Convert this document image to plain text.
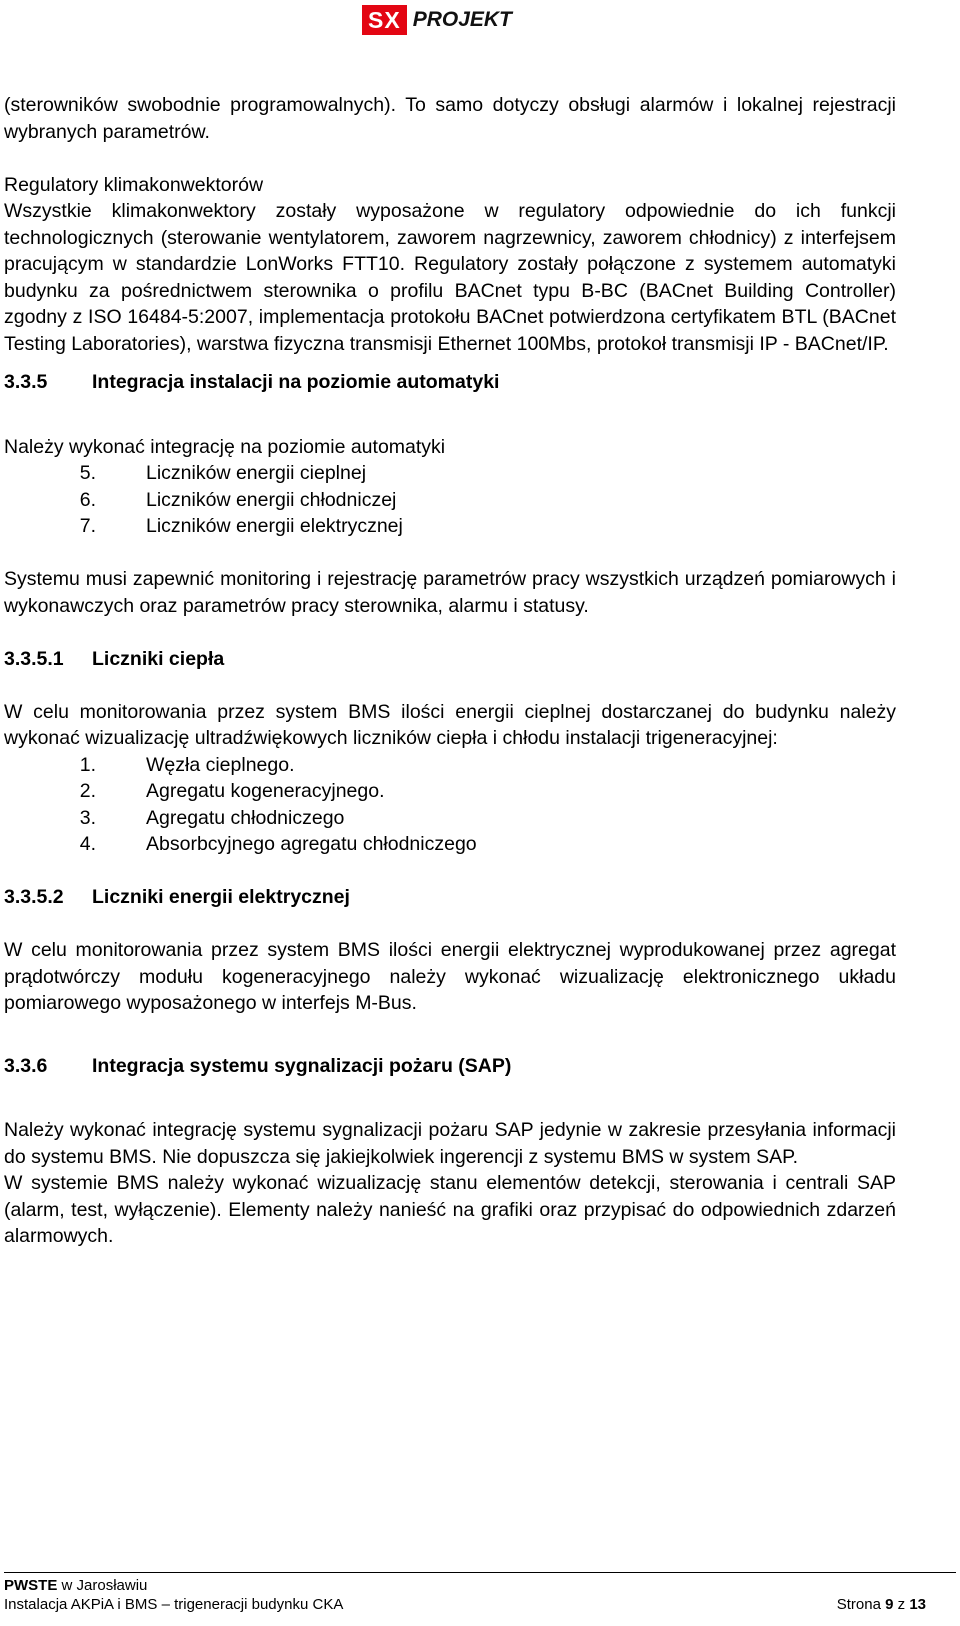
SX PROJEKT

(sterowników swobodnie programowalnych). To samo dotyczy obsługi alarmów i lokalnej rejestracji wybranych parametrów.

Regulatory klimakonwektorów

Wszystkie klimakonwektory zostały wyposażone w regulatory odpowiednie do ich funkcji technologicznych (sterowanie wentylatorem, zaworem nagrzewnicy, zaworem chłodnicy) z interfejsem pracującym w standardzie LonWorks FTT10. Regulatory zostały połączone z systemem automatyki budynku za pośrednictwem sterownika o profilu BACnet typu B-BC (BACnet Building Controller) zgodny z ISO 16484-5:2007, implementacja protokołu BACnet potwierdzona certyfikatem BTL (BACnet Testing Laboratories), warstwa fizyczna transmisji Ethernet 100Mbs, protokoł transmisji IP - BACnet/IP.

3.3.5	Integracja instalacji na poziomie automatyki

Należy wykonać integrację na poziomie automatyki

5.	Liczników energii cieplnej
6.	Liczników energii chłodniczej
7.	Liczników energii elektrycznej

Systemu musi zapewnić monitoring i rejestrację parametrów pracy wszystkich urządzeń pomiarowych i wykonawczych oraz parametrów pracy sterownika, alarmu i statusy.

3.3.5.1	Liczniki ciepła

W celu monitorowania przez system BMS ilości energii cieplnej dostarczanej do budynku należy wykonać wizualizację ultradźwiękowych liczników ciepła i chłodu instalacji trigeneracyjnej:

1.	Węzła cieplnego.
2.	Agregatu kogeneracyjnego.
3.	Agregatu chłodniczego
4.	Absorbcyjnego agregatu chłodniczego
3.3.5.2	Liczniki energii elektrycznej

W celu monitorowania przez system BMS ilości energii elektrycznej wyprodukowanej przez agregat prądotwórczy modułu kogeneracyjnego należy wykonać wizualizację elektronicznego układu pomiarowego wyposażonego w interfejs M-Bus.

3.3.6	Integracja systemu sygnalizacji pożaru (SAP)

Należy wykonać integrację systemu sygnalizacji pożaru SAP jedynie w zakresie przesyłania informacji do systemu BMS. Nie dopuszcza się jakiejkolwiek ingerencji z systemu BMS w system SAP.

W systemie BMS należy wykonać wizualizację stanu elementów detekcji, sterowania i centrali SAP (alarm, test, wyłączenie). Elementy należy nanieść na grafiki oraz przypisać do odpowiednich zdarzeń alarmowych.

PWSTE w Jarosławiu
Instalacja AKPiA i BMS – trigeneracji budynku CKA	Strona 9 z 13
